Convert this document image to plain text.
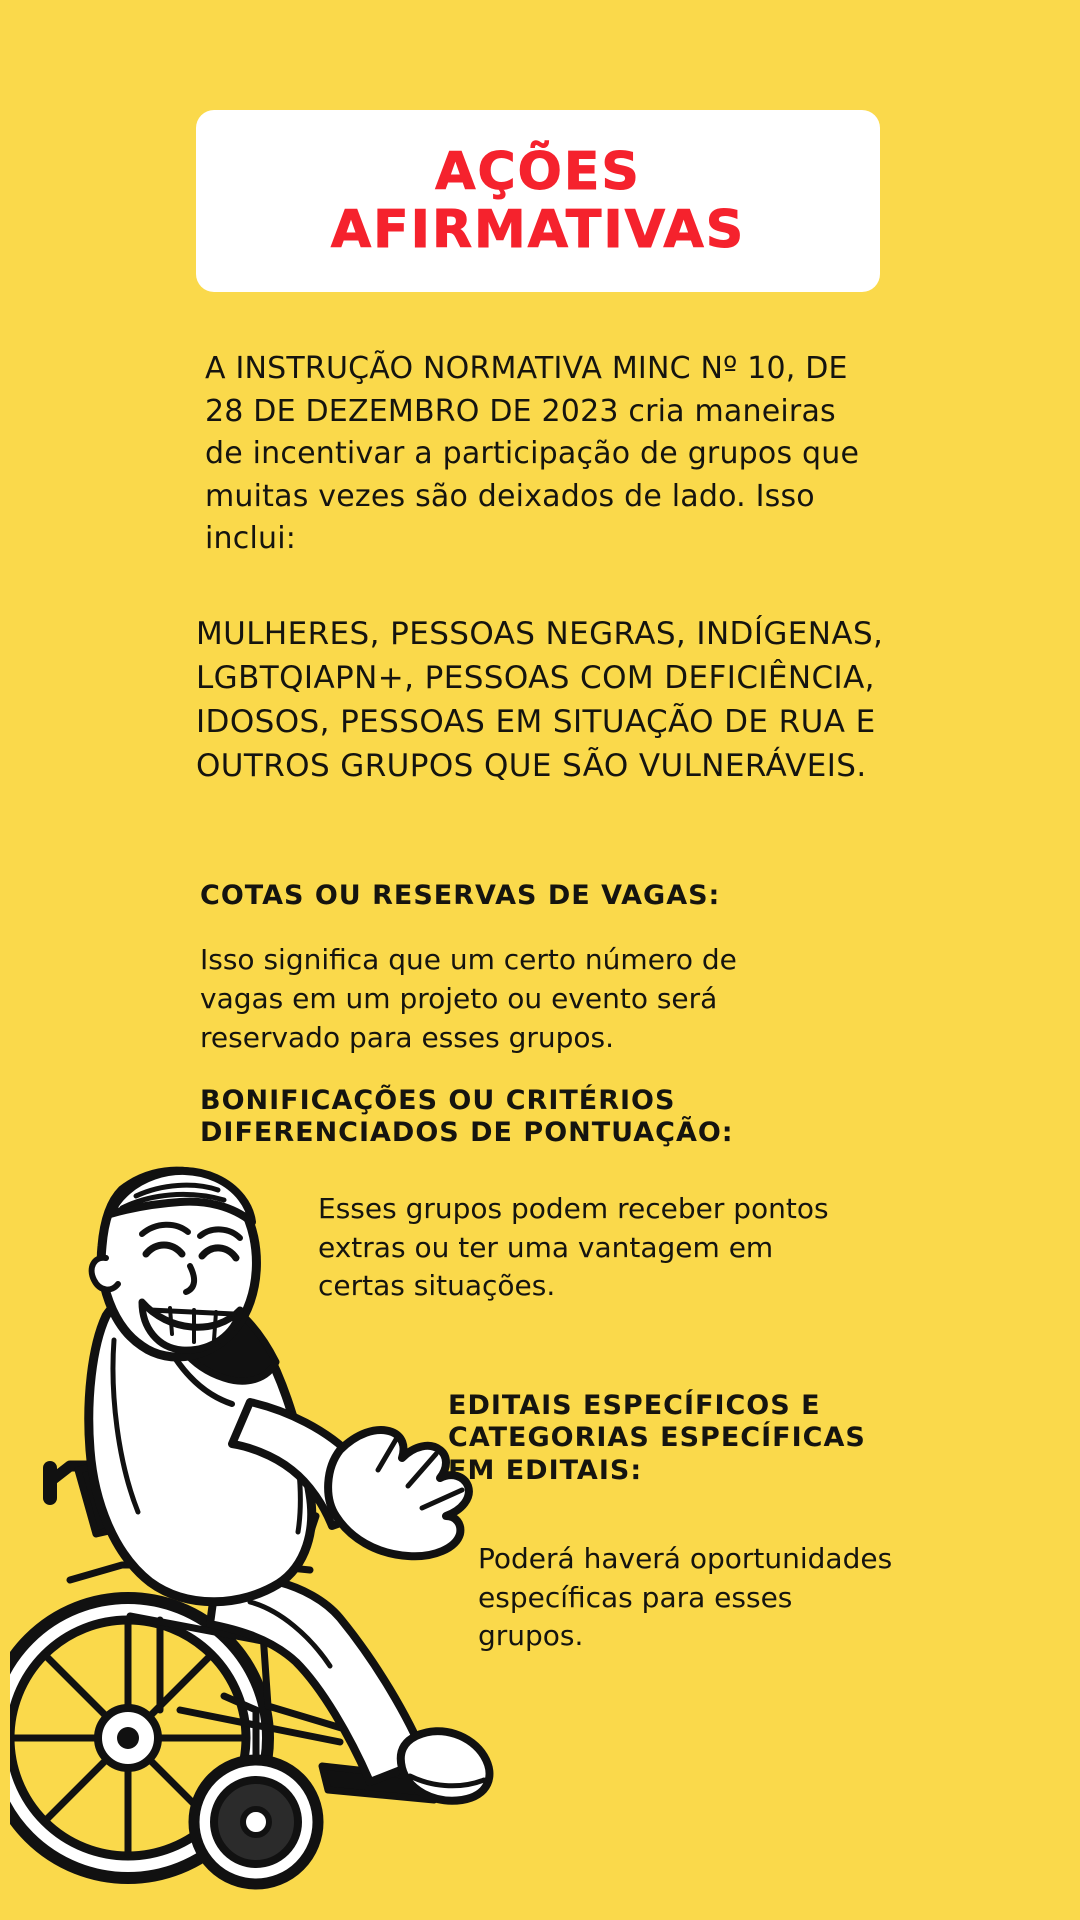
AÇÕES
AFIRMATIVAS
A INSTRUÇÃO NORMATIVA MINC Nº 10, DE 28 DE DEZEMBRO DE 2023 cria maneiras de incentivar a participação de grupos que muitas vezes são deixados de lado. Isso inclui:
MULHERES, PESSOAS NEGRAS, INDÍGENAS, LGBTQIAPN+, PESSOAS COM DEFICIÊNCIA, IDOSOS, PESSOAS EM SITUAÇÃO DE RUA E OUTROS GRUPOS QUE SÃO VULNERÁVEIS.
COTAS OU RESERVAS DE VAGAS:
Isso significa que um certo número de vagas em um projeto ou evento será reservado para esses grupos.
BONIFICAÇÕES OU CRITÉRIOS DIFERENCIADOS DE PONTUAÇÃO:
Esses grupos podem receber pontos extras ou ter uma vantagem em certas situações.
EDITAIS ESPECÍFICOS E CATEGORIAS ESPECÍFICAS EM EDITAIS:
Poderá haverá oportunidades específicas para esses grupos.
